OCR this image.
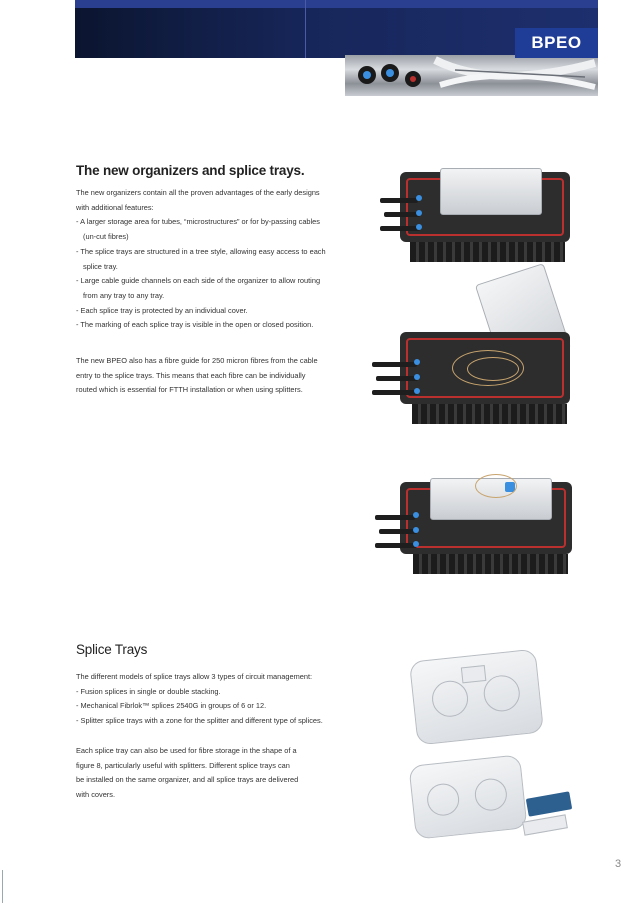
BPEO
The new organizers and splice trays.
The new organizers contain all the proven advantages of the early designs
with additional features:
- A larger storage area for tubes, “microstructures” or for by-passing cables
(un-cut fibres)
- The splice trays are structured in a tree style, allowing easy access to each
splice tray.
- Large cable guide channels on each side of the organizer to allow routing
from any tray to any tray.
- Each splice tray is protected by an individual cover.
- The marking of each splice tray is visible in the open or closed position.
The new BPEO also has a fibre guide for 250 micron fibres from the cable
entry to the splice trays. This means that each fibre can be individually
routed which is essential for FTTH installation or when using splitters.
Splice Trays
The different models of splice trays allow 3 types of circuit management:
- Fusion splices in single or double stacking.
- Mechanical Fibrlok™ splices 2540G in groups of 6 or 12.
- Splitter splice trays with a zone for the splitter and different type of splices.
Each splice tray can also be used for fibre storage in the shape of a
figure 8, particularly useful with splitters. Different splice trays can
be installed on the same organizer, and all splice trays are delivered
with covers.
3
